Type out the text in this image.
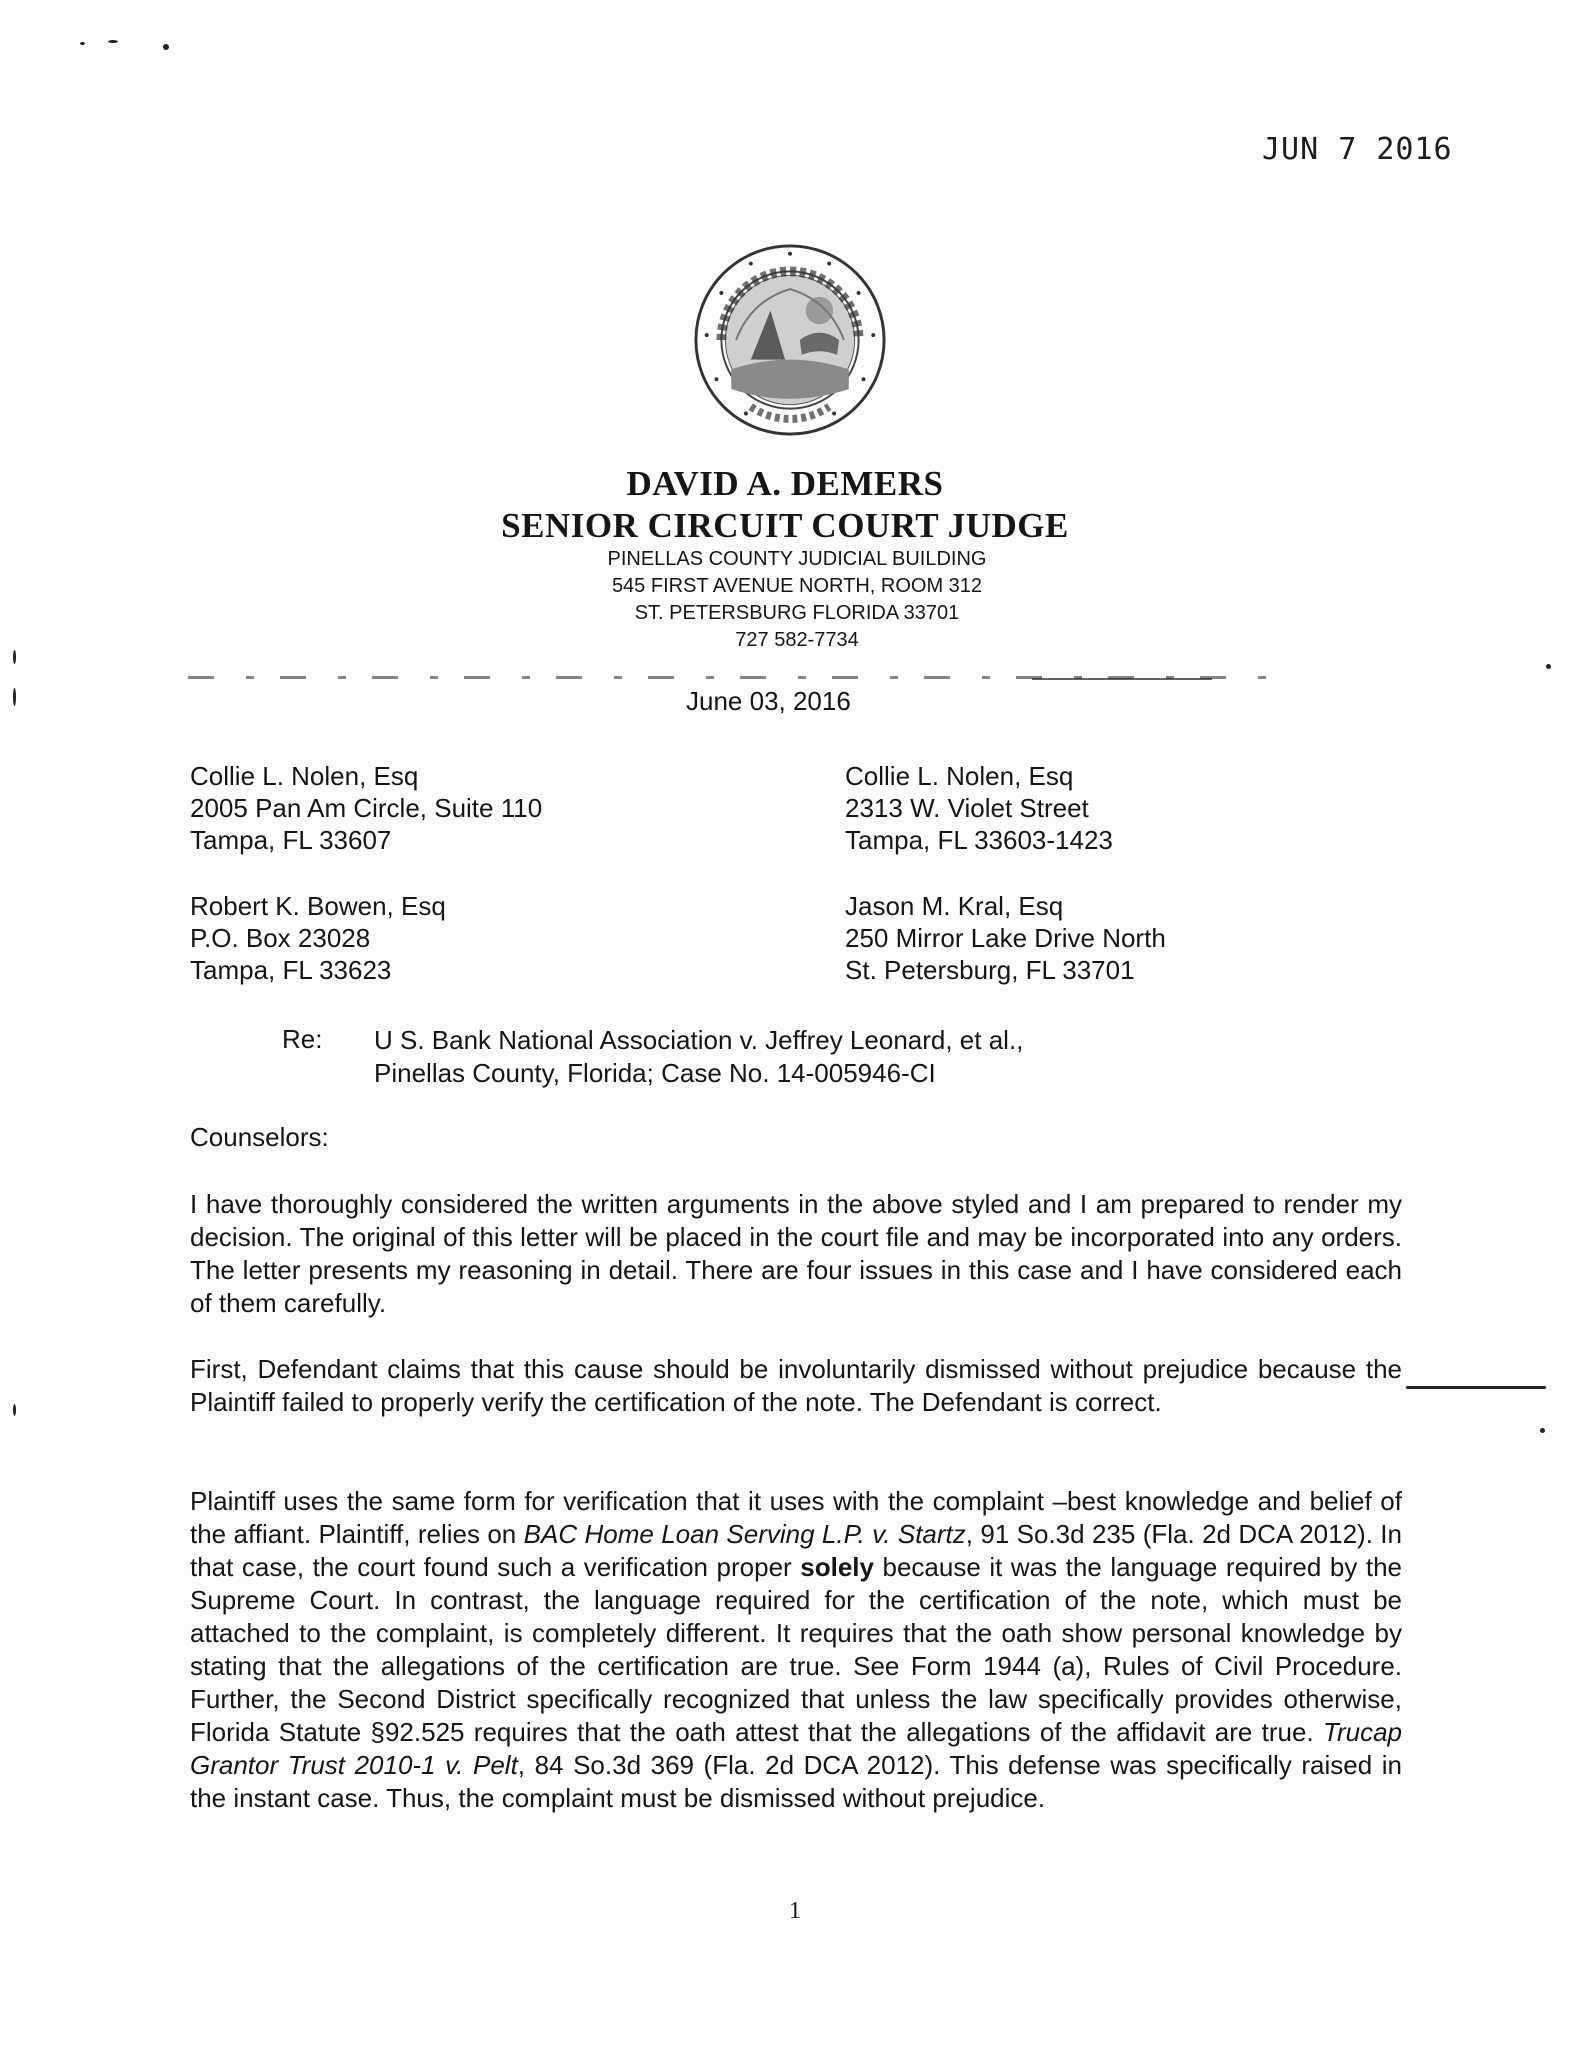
JUN 7 2016
DAVID A. DEMERS
SENIOR CIRCUIT COURT JUDGE
PINELLAS COUNTY JUDICIAL BUILDING
545 FIRST AVENUE NORTH, ROOM 312
ST. PETERSBURG FLORIDA 33701
727 582-7734
June 03, 2016
Collie L. Nolen, Esq
2005 Pan Am Circle, Suite 110
Tampa, FL 33607
Collie L. Nolen, Esq
2313 W. Violet Street
Tampa, FL 33603-1423
Robert K. Bowen, Esq
P.O. Box 23028
Tampa, FL 33623
Jason M. Kral, Esq
250 Mirror Lake Drive North
St. Petersburg, FL 33701
Re: U S. Bank National Association v. Jeffrey Leonard, et al.,
Pinellas County, Florida; Case No. 14-005946-CI
Counselors:

I have thoroughly considered the written arguments in the above styled and I am prepared to render my decision. The original of this letter will be placed in the court file and may be incorporated into any orders. The letter presents my reasoning in detail. There are four issues in this case and I have considered each of them carefully.

First, Defendant claims that this cause should be involuntarily dismissed without prejudice because the Plaintiff failed to properly verify the certification of the note. The Defendant is correct.

Plaintiff uses the same form for verification that it uses with the complaint –best knowledge and belief of the affiant. Plaintiff, relies on BAC Home Loan Serving L.P. v. Startz, 91 So.3d 235 (Fla. 2d DCA 2012). In that case, the court found such a verification proper solely because it was the language required by the Supreme Court. In contrast, the language required for the certification of the note, which must be attached to the complaint, is completely different. It requires that the oath show personal knowledge by stating that the allegations of the certification are true. See Form 1944 (a), Rules of Civil Procedure. Further, the Second District specifically recognized that unless the law specifically provides otherwise, Florida Statute §92.525 requires that the oath attest that the allegations of the affidavit are true. Trucap Grantor Trust 2010-1 v. Pelt, 84 So.3d 369 (Fla. 2d DCA 2012). This defense was specifically raised in the instant case. Thus, the complaint must be dismissed without prejudice.

1
